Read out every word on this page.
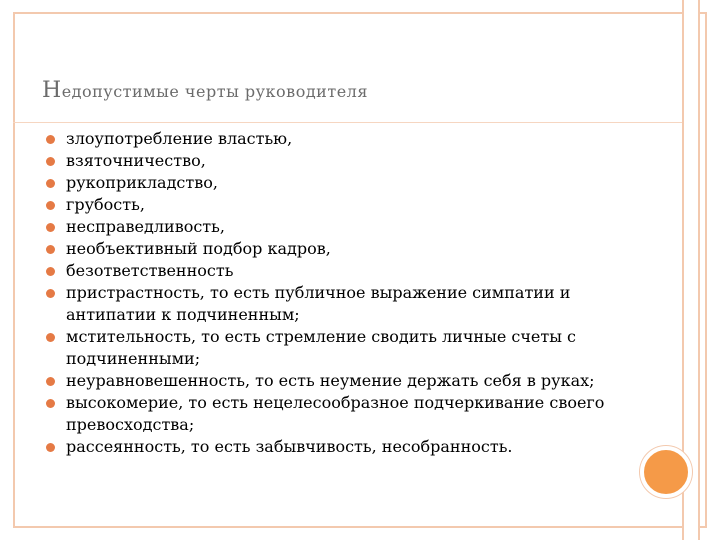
Недопустимые черты руководителя
злоупотребление властью,
взяточничество,
рукоприкладство,
грубость,
несправедливость,
необъективный подбор кадров,
безответственность
пристрастность, то есть публичное выражение симпатии и антипатии к подчиненным;
мстительность, то есть стремление сводить личные счеты с подчиненными;
неуравновешенность, то есть неумение держать себя в руках;
высокомерие, то есть нецелесообразное подчеркивание своего превосходства;
рассеянность, то есть забывчивость, несобранность.
